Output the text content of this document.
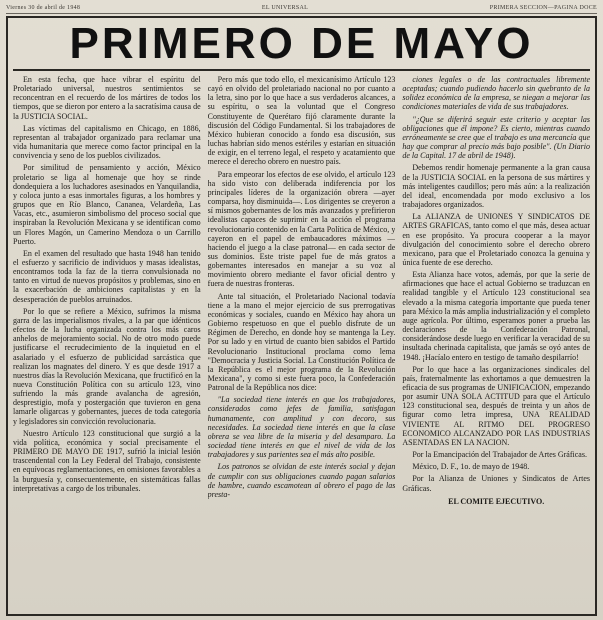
Viernes 30 de abril de 1948	EL UNIVERSAL	PRIMERA SECCION—PAGINA DOCE
PRIMERO DE MAYO

En esta fecha, que hace vibrar el espíritu del Proletariado universal, nuestros sentimientos se reconcentran en el recuerdo de los mártires de todos los tiempos, que se dieron por entero a la sacratísima causa de la JUSTICIA SOCIAL.

Las víctimas del capitalismo en Chicago, en 1886, representan al trabajador organizado para reclamar una vida humanitaria que merece como factor principal en la convivencia y seno de los pueblos civilizados.

Por similitud de pensamiento y acción, México proletario se liga al homenaje que hoy se rinde dondequiera a los luchadores asesinados en Yanquilandia, y coloca junto a esas inmortales figuras, a los hombres y grupos que en Río Blanco, Cananea, Velardeña, Las Vacas, etc., asumieron simbolismo del proceso social que inspiraban la Revolución Mexicana y se identifican como un Flores Magón, un Camerino Mendoza o un Carrillo Puerto.

En el examen del resultado que hasta 1948 han tenido el esfuerzo y sacrificio de individuos y masas idealistas, encontramos toda la faz de la tierra convulsionada no tanto en virtud de nuevos propósitos y problemas, sino en la exacerbación de ambiciones capitalistas y en la desesperación de pueblos arruinados.

Por lo que se refiere a México, sufrimos la misma garra de las imperialismos rivales, a la par que idénticos efectos de la lucha organizada contra los más caros anhelos de mejoramiento social. No de otro modo puede justificarse el recrudecimiento de la inquietud en el asalariado y el esfuerzo de publicidad sarcástica que realizan los magnates del dinero. Y es que desde 1917 a nuestros días la Revolución Mexicana, que fructificó en la nueva Constitución Política con su artículo 123, vino sufriendo la más grande avalancha de agresión, desprestigio, mofa y postergación que tuvieron en gena lamarle oligarcas y gobernantes, jueces de toda categoría y legisladores sin convicción revolucionaria.

Nuestro Artículo 123 constitucional que surgió a la vida política, económica y social precisamente el PRIMERO DE MAYO DE 1917, sufrió la inicial lesión trascendental con la Ley Federal del Trabajo, consistente en equívocas reglamentaciones, en omisiones favorables a la burguesía y, consecuentemente, en sistemáticas fallas interpretativas a cargo de los tribunales.

Pero más que todo ello, el mexicanísimo Artículo 123 cayó en olvido del proletariado nacional no por cuanto a la letra, sino por lo que hace a sus verdaderos alcances, a su espíritu, o sea la voluntad que el Congreso Constituyente de Querétaro fijó claramente durante la discusión del Código Fundamental. Si los trabajadores de México hubieran conocido a fondo esa discusión, sus luchas habrían sido menos estériles y estarían en situación de exigir, en el terreno legal, el respeto y acatamiento que merece el derecho obrero en nuestro país.

Para empeorar los efectos de ese olvido, el artículo 123 ha sido visto con deliberada indiferencia por los principales líderes de la organización obrera —ayer comparsa, hoy disminuida—. Los dirigentes se creyeron a sí mismos gobernantes de los más avanzados y prefirieron idealistas capaces de suprimir en la acción el programa revolucionario contenido en la Carta Política de México, y cayeron en el papel de embaucadores máximos —haciendo el juego a la clase patronal— en cada sector de sus dominios. Este triste papel fue de más gratos a gobernantes interesados en manejar a su voz al movimiento obrero mediante el favor oficial dentro y fuera de nuestras fronteras.

Ante tal situación, el Proletariado Nacional todavía tiene a la mano el mejor ejercicio de sus prerrogativas económicas y sociales, cuando en México hay ahora un Gobierno respetuoso en que el pueblo disfrute de un Régimen de Derecho, en donde hoy se mantenga la Ley. Por su lado y en virtud de cuanto bien sabidos el Partido Revolucionario Institucional proclama como lema "Democracia y Justicia Social. La Constitución Política de la República es el mejor programa de la Revolución Mexicana", y como si este fuera poco, la Confederación Patronal de la República nos dice:

"La sociedad tiene interés en que los trabajadores, considerados como jefes de familia, satisfagan humanamente, con amplitud y con decoro, sus necesidades. La sociedad tiene interés en que la clase obrera se vea libre de la miseria y del desamparo. La sociedad tiene interés en que el nivel de vida de los trabajadores y sus parientes sea el más alto posible.

Los patronos se olvidan de este interés social y dejan de cumplir con sus obligaciones cuando pagan salarios de hambre, cuando escamotean al obrero el pago de las presta-

ciones legales o de las contractuales libremente aceptadas; cuando pudiendo hacerlo sin quebranto de la solidez económica de la empresa, se niegan a mejorar las condiciones materiales de vida de sus trabajadores.

"¿Que se diferirá seguir este criterio y aceptar las obligaciones que él impone? Es cierto, mientras cuando erróneamente se cree que el trabajo es una mercancía que hay que comprar al precio más bajo posible". (Un Diario de la Capital. 17 de abril de 1948).

Debemos rendir homenaje permanente a la gran causa de la JUSTICIA SOCIAL en la persona de sus mártires y más inteligentes caudillos; pero más aún: a la realización del ideal, encomendada por modo exclusivo a los trabajadores organizados.

La ALIANZA de UNIONES Y SINDICATOS DE ARTES GRAFICAS, tanto como el que más, desea actuar en ese propósito. Ya procura cooperar a la mayor divulgación del conocimiento sobre el derecho obrero mexicano, para que el Proletariado conozca la genuina y única fuente de ese derecho.

Esta Alianza hace votos, además, por que la serie de afirmaciones que hace el actual Gobierno se traduzcan en realidad tangible y el Artículo 123 constitucional sea elevado a la misma categoría importante que pueda tener para México la más amplia industrialización y el completo auge agrícola. Por último, esperamos poner a prueba las declaraciones de la Confederación Patronal, considerándose desde luego en verificar la veracidad de su insultada cherinada capitalista, que jamás se oyó antes de 1948. ¡Hacíalo entero en testigo de tamaño despilarrío!

Por lo que hace a las organizaciones sindicales del país, fraternalmente las exhortamos a que demuestren la eficacia de sus programas de UNIFICACION, empezando por asumir UNA SOLA ACTITUD para que el Artículo 123 constitucional sea, después de treinta y un años de figurar como letra impresa, UNA REALIDAD VIVIENTE AL RITMO DEL PROGRESO ECONOMICO ALCANZADO POR LAS INDUSTRIAS ASENTADAS EN LA NACION.

Por la Emancipación del Trabajador de Artes Gráficas.

México, D. F., 1o. de mayo de 1948.

Por la Alianza de Uniones y Sindicatos de Artes Gráficas.

EL COMITE EJECUTIVO.
